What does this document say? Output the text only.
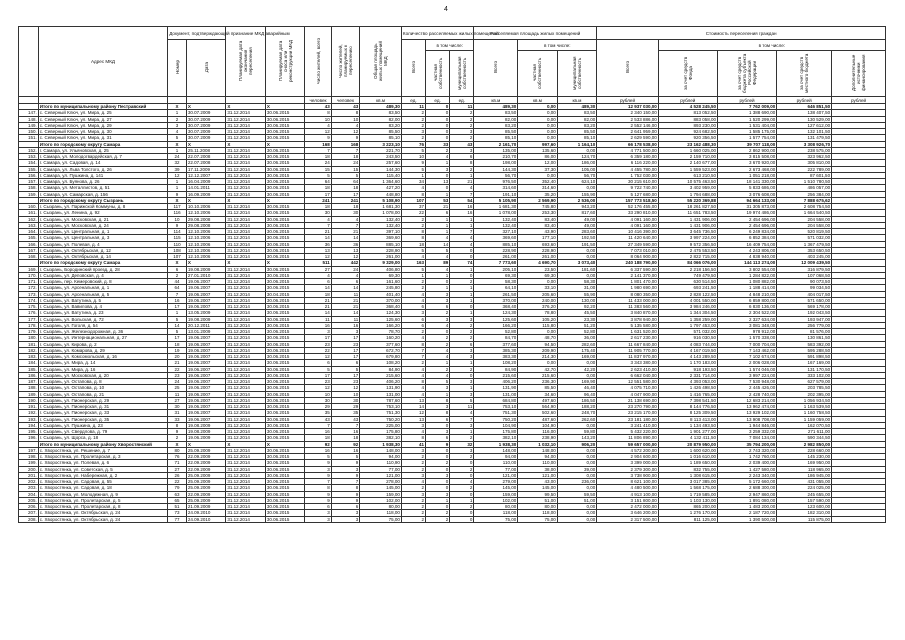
4
	Адрес МКД	Документ, подтверждающий признание МКД аварийным		Планируемая дата окончания переселения	Планируемая дата сноса или реконструкции МКД	Число жителей, всего	Число жителей, планируемых к переселению	Общая площадь жилых помещений МКД	Количество расселяемых жилых помещений			Расселяемая площадь жилых помещений			Стоимость переселения граждан				
		Номер	Дата						Всего	в том числе:		Всего	в том числе:		Всего	в том числе:			
										частная собственность	муниципальная собственность		частная собственность	муниципальная собственность		за счет средств Фонда	за счет средств бюджета субъекта Российской Федерации	за счет средств местного бюджета	Дополнительные источники финансирования
						человек	человек	кв.м	ед.	ед.	ед.	кв.м	кв.м	кв.м	рублей	рублей	рублей	рублей	рублей
	Итого по муниципальному району Пестравский	X	X	X	X	43	43	489,30	11	0	11	489,30	0,00	489,30	12 937 030,00	4 528 245,50	7 762 009,00	646 851,50	
147.	с. Северный Ключ, ул. Мира, д. 25	1	30.07.2009	31.12.2014	30.06.2015	8	8	83,50	2	0	2	83,50	0,00	83,50	2 340 150,00	813 052,50	1 388 690,00	138 407,50	
148.	с. Северный Ключ, ул. Мира, д. 27	2	30.07.2009	31.12.2014	30.06.2015	10	10	82,00	2	0	2	82,00	0,00	82,00	2 533 886,00	883 058,00	1 520 299,00	130 529,00	
149.	с. Северный Ключ, ул. Мира, д. 29	3	30.07.2009	31.12.2014	30.06.2015	4	4	83,20	2	0	2	83,20	0,00	83,20	2 552 146,00	893 230,00	1 531 404,00	127 612,00	
150.	с. Северный Ключ, ул. Мира, д. 30	4	30.07.2009	31.12.2014	30.06.2015	12	12	85,50	3	0	3	85,50	0,00	85,50	2 641 959,00	924 682,50	1 585 175,00	132 101,50	
151.	с. Северный Ключ, ул. Мира, д. 31	5	30.07.2009	31.12.2014	30.06.2015	9	9	85,10	2	0	2	85,10	0,00	85,10	2 629 590,00	920 356,50	1 577 754,00	131 479,50	
	Итого по городскому округу Самара	X	X	X	X	168	168	3 223,10	76	33	43	2 161,70	997,60	1 164,10	66 178 538,00	23 162 488,30	39 707 118,00	3 308 926,70	
152.	г. Самара, ул. Ульяновская, д. 25	1	25.11.2008	31.12.2014	30.06.2015	7	7	221,70	5	2	3	135,00	135,60	0,00	4 771 500,00	1 660 025,00	2 862 900,00	238 575,00	
153.	г. Самара, ул. Молодогвардейская, д. 7	24	22.07.2008	31.12.2014	30.06.2015	18	18	243,50	10	4	6	210,70	86,00	124,70	6 359 180,00	2 159 710,00	3 815 508,00	323 962,50	
154.	г. Самара, ул. Садовая, д. 14	32	22.07.2008	31.12.2014	30.06.2015	24	24	257,60	9	1	8	198,00	12,00	186,00	6 116 220,00	2 140 677,00	3 670 920,00	305 810,00	
155.	г. Самара, ул. Льва Толстого, д. 26	39	17.11.2009	31.12.2014	30.06.2015	15	15	144,30	5	3	2	144,30	37,30	105,00	4 455 780,00	1 559 523,00	2 673 468,00	222 789,00	
156.	г. Самара, ул. Пушкина, д. 141	12	12.12.2007	31.12.2014	30.06.2015	5	5	115,40	1	0	1	56,70	0,00	56,70	1 752 030,00	613 210,50	1 051 218,00	87 601,50	
157.	г. Самара, ул. Буянова, д. 26	1	16.04.2009	31.12.2014	30.06.2015	64	64	1 364,60	34	13	21	976,50	352,40	624,10	30 215 610,00	10 575 463,50	18 141 330,00	1 510 780,50	
158.	г. Самара, ул. Металлистов, д. 51	1	14.01.2011	31.12.2014	30.06.2015	18	18	427,20	4	0	4	314,60	314,60	0,00	9 722 740,00	3 402 959,00	5 833 686,00	486 057,00	
159.	г. Самара, ул. Самарская, д. 156	9	16.09.2009	31.12.2014	30.06.2015	17	17	448,80	8	1	7	191,10	35,20	155,90	5 127 680,00	1 794 688,00	3 076 608,00	256 384,00	
	Итого по городскому округу Сызрань	X	X	X	X	241	241	5 108,90	107	53	54	5 105,90	2 569,90	2 536,00	157 773 518,50	55 220 369,88	94 664 133,00	7 888 675,62	
160.	г. Сызрань, ул. Парижской Коммуны, д. 8	117	10.10.2006	31.12.2014	30.06.2015	18	18	1 681,30	37	21	16	1 681,30	745,80	943,20	52 176 455,00	18 261 827,50	31 305 873,00	2 608 754,50	
161.	г. Сызрань, ул. Ленина, д. 92	116	12.10.2006	31.12.2014	30.06.2015	30	30	1 078,00	22	6	16	1 078,00	253,30	817,60	33 290 810,00	11 651 783,50	19 974 486,00	1 664 540,50	
162.	г. Сызрань, ул. Московская, д. 21	10	29.08.2008	31.12.2014	30.06.2015	4	4	132,40	2	1	1	132,40	83,40	49,00	4 091 160,00	1 431 906,00	2 454 696,00	204 558,00	
163.	г. Сызрань, ул. Московская, д. 24	9	29.08.2008	31.12.2014	30.06.2015	7	7	132,40	2	1	1	132,40	83,40	49,00	4 091 160,00	1 431 906,00	2 454 696,00	204 558,00	
164.	г. Сызрань, ул. Центральная, д. 1	114	12.10.2006	31.12.2014	30.06.2015	21	21	397,10	8	1	7	327,10	43,90	283,60	10 416 390,00	3 645 736,50	6 249 834,00	520 819,50	
165.	г. Сызрань, ул. Центральная, д. 3	115	12.10.2006	31.12.2014	30.06.2015	14	14	369,60	8	4	4	369,60	177,10	192,50	11 420 640,00	3 997 224,00	6 852 384,00	571 032,00	
166.	г. Сызрань, ул. Полевая, д. 4	110	12.10.2006	31.12.2014	30.06.2015	36	36	885,10	18	14	4	885,10	693,60	191,50	27 349 590,00	9 572 356,50	16 409 754,00	1 367 479,50	
167.	г. Сызрань, ул. Октябрьская, д. 12	108	12.10.2006	31.12.2014	30.06.2015	13	13	228,90	5	5	0	228,90	228,90	0,00	7 073 010,00	2 475 553,50	4 243 806,00	353 650,50	
168.	г. Сызрань, ул. Октябрьская, д. 14	107	12.10.2006	31.12.2014	30.06.2015	12	12	261,00	4	4	0	261,00	261,00	0,00	8 064 900,00	2 822 715,00	4 838 940,00	403 245,00	
	Итого по городскому округу Самара	X	X	X	X	511	442	9 329,00	163	89	74	7 773,60	4 690,70	3 073,40	240 188 790,00	84 066 076,00	144 113 274,00	12 009 439,50	
169.	г. Сызрань, Бородинский проезд, д. 28	6	19.08.2009	31.12.2014	30.06.2015	27	24	406,80	5	4	1	205,10	23,50	181,60	6 337 590,00	2 218 156,50	3 802 554,00	316 879,50	
170.	г. Сызрань, ул. Деповская, д. 4	2	27.01.2010	31.12.2014	30.06.2015	4	4	69,30	1	1	0	69,30	69,30	0,00	2 141 370,00	749 479,50	1 284 822,00	107 068,50	
171.	г. Сызрань, пер. Кемеровский, д. 8	44	19.06.2007	31.12.2014	30.06.2015	6	6	161,60	2	0	2	58,30	0,00	58,30	1 801 470,00	630 514,50	1 080 882,00	90 073,50	
172.	г. Сызрань, ул. Арсенальная, д. 1	64	19.06.2007	31.12.2014	30.06.2015	14	14	245,80	2	1	1	64,10	33,10	31,00	1 980 690,00	693 241,50	1 188 414,00	99 034,50	
173.	г. Сызрань, ул. Арсенальная, д. 5	7	19.06.2007	31.12.2014	30.04.2015	18	11	401,40	4	3	1	261,50	205,60	55,90	8 080 350,00	2 828 122,50	4 848 210,00	404 017,50	
174.	г. Сызрань, ул. Ватутина, д. 5	16	19.06.2007	31.12.2014	30.06.2015	21	21	370,00	4	3	1	370,00	240,00	130,00	11 433 000,00	4 001 550,00	6 859 800,00	571 650,00	
175.	г. Сызрань, ул. Вавилова, д. 4	17	19.06.2007	31.12.2014	30.06.2015	21	21	368,40	6	6	0	368,40	376,20	92,20	11 383 560,00	3 984 246,00	6 830 136,00	569 178,00	
176.	г. Сызрань, ул. Ватутина, д. 23	1	13.05.2009	31.12.2014	30.06.2015	14	14	124,30	3	2	1	124,30	78,80	45,50	3 840 870,00	1 344 304,50	2 304 522,00	192 043,50	
177.	г. Сызрань, ул. Вольская, д. 72	5	19.08.2009	31.12.2014	30.06.2015	11	11	125,60	6	3	3	125,60	105,20	23,30	3 878 940,00	1 358 259,00	2 327 634,00	193 947,00	
178.	г. Сызрань, ул. Гоголя, д. 54	14	20.12.2011	31.12.2014	30.06.2015	16	16	166,20	6	4	2	166,20	115,80	51,20	5 135 580,00	1 797 453,00	3 081 348,00	256 779,00	
179.	г. Сызрань, ул. Железнодорожная, д. 36	5	13.01.2009	31.12.2014	30.06.2015	3	3	78,70	2	0	2	52,80	0,00	52,80	1 631 520,00	571 032,00	978 912,00	81 576,00	
180.	г. Сызрань, ул. Интернациональная, д. 27	17	19.06.2007	31.12.2014	30.06.2015	17	17	160,20	4	2	2	84,70	48,70	36,00	2 617 230,00	916 030,50	1 570 338,00	130 861,50	
181.	г. Сызрань, ул. Кирова, д. 2	18	19.06.2007	31.12.2014	30.06.2015	23	23	377,60	8	2	6	377,60	94,50	282,60	11 667 840,00	4 083 744,00	7 000 704,00	583 392,00	
182.	г. Сызрань, ул. Комарова, д. 29	19	19.06.2007	31.12.2014	30.06.2015	22	17	672,70	7	4	3	385,30	209,90	175,40	11 905 770,00	4 167 019,50	7 143 462,00	595 288,50	
183.	г. Сызрань, ул. Комсомольская, д. 16	20	19.06.2007	31.12.2014	30.06.2015	12	17	679,80	7	4	3	383,30	214,30	169,00	11 837 970,00	4 143 289,50	7 102 674,00	591 898,50	
184.	г. Сызрань, ул. Мира, д. 14	21	19.06.2007	31.12.2014	30.06.2015	6	6	108,20	2	1	1	108,20	0,00	0,00	3 343 380,00	1 170 183,00	2 006 028,00	167 169,00	
185.	г. Сызрань, ул. Мира, д. 16	22	19.06.2007	31.12.2014	30.06.2015	5	5	84,90	4	2	2	84,90	42,70	42,20	2 623 410,00	918 193,50	1 574 046,00	131 170,50	
186.	г. Сызрань, ул. Московская, д. 20	23	19.06.2007	31.12.2014	30.06.2015	17	17	215,60	4	4	0	215,60	215,60	0,00	6 662 040,00	2 331 714,00	3 997 224,00	333 102,00	
187.	г. Сызрань, ул. Остапова, д. 8	24	19.06.2007	31.12.2014	30.06.2015	23	23	406,20	8	5	3	406,20	236,30	169,90	12 551 580,00	4 393 053,00	7 530 948,00	627 579,00	
188.	г. Сызрань, ул. Остапова, д. 10	25	19.06.2007	31.12.2014	30.06.2015	12	12	131,90	4	3	1	131,90	85,50	46,40	4 075 710,00	1 426 498,50	2 445 426,00	203 785,50	
189.	г. Сызрань, ул. Остапова, д. 21	11	19.06.2007	31.12.2014	30.06.2015	10	10	131,00	4	1	3	131,00	34,60	96,40	4 047 900,00	1 416 765,00	2 428 740,00	202 395,00	
190.	г. Сызрань, ул. Пионерская, д. 29	27	19.06.2007	31.12.2014	30.06.2015	30	30	787,60	13	8	5	684,80	497,60	186,50	21 138 690,00	7 398 541,50	12 683 214,00	1 056 934,50	
191.	г. Сызрань, ул. Пионерская, д. 31	30	19.06.2007	31.12.2014	30.06.2015	29	29	753,10	14	3	11	753,10	564,90	188,20	23 270 790,00	8 144 776,50	13 962 474,00	1 163 539,50	
192.	г. Сызрань, ул. Пионерская, д. 33	31	19.06.2007	31.12.2014	30.06.2015	35	35	751,30	12	8	4	751,30	502,60	248,70	23 215 170,00	8 125 309,50	13 929 102,00	1 160 758,50	
193.	г. Сызрань, ул. Пионерская, д. 35	33	19.06.2007	31.12.2014	30.06.2015	43	43	750,20	13	6	7	750,20	487,60	262,60	23 181 180,00	8 113 413,00	13 908 708,00	1 159 059,00	
194.	г. Сызрань, ул. Пушкина, д. 23	8	19.08.2009	31.12.2014	30.06.2015	7	7	225,00	3	0	3	104,90	104,90	0,00	3 241 410,00	1 134 493,50	1 944 846,00	162 070,50	
195.	г. Сызрань, ул. Свердлова, д. 79	9	19.08.2009	31.12.2014	30.06.2015	16	16	175,80	4	3	1	175,80	116,00	59,80	5 432 220,00	1 901 277,00	3 259 332,00	271 611,00	
196.	г. Сызрань, ул. Щорса, д. 18	2	19.06.2009	31.12.2014	30.06.2015	18	18	382,10	8	6	2	382,10	238,90	143,20	11 806 890,00	4 132 411,50	7 084 134,00	590 344,50	
	Итого по муниципальному району Хворостянский	X	X	X	X	92	92	1 938,30	41	9	32	1 938,30	1 032,10	906,20	59 657 000,00	20 879 950,00	35 794 200,00	2 982 850,00	
197.	с. Хворостянка, ул. Решение, д. 7	80	25.09.2009	31.12.2014	30.06.2015	16	16	148,00	3	0	3	148,00	148,00	0,00	4 572 200,00	1 600 620,00	2 743 320,00	228 660,00	
198.	с. Хворостянка, ул. Пролетарская, д. 3	76	22.09.2009	31.12.2014	30.06.2015	5	5	94,00	2	0	2	94,00	94,00	0,00	2 904 600,00	1 016 610,00	1 742 760,00	145 230,00	
199.	с. Хворостянка, ул. Полевая, д. 6	71	22.09.2009	31.12.2014	30.06.2015	9	9	110,90	2	2	0	110,00	110,00	0,00	3 399 000,00	1 189 650,00	2 039 400,00	169 950,00	
200.	с. Хворостянка, ул. Советская, д. 5	27	22.09.2009	31.12.2014	30.06.2015	3	3	77,00	2	0	2	77,00	38,00	39,00	2 379 300,00	832 755,00	1 427 580,00	118 965,00	
201.	с. Хворостянка, ул. Набережная, д. 2	26	25.09.2009	31.12.2014	30.06.2015	9	9	121,00	3	3	0	121,00	121,00	0,00	3 738 900,00	1 308 615,00	2 243 340,00	186 945,00	
202.	с. Хворостянка, ул. Садовая, д. 55	22	25.09.2009	31.12.2014	30.06.2015	7	7	278,00	4	0	4	279,00	43,00	236,00	8 621 100,00	3 017 385,00	5 172 660,00	431 055,00	
203.	с. Хворостянка, ул. Садовая, д. 18	79	25.09.2009	31.12.2014	30.06.2015	8	8	145,00	2	0	2	145,00	145,00	0,00	4 480 500,00	1 568 175,00	2 688 300,00	224 025,00	
204.	с. Хворостянка, ул. Молодежная, д. 9	63	22.09.2009	31.12.2014	30.06.2015	9	9	159,00	3	3	0	159,00	99,50	59,50	4 913 100,00	1 719 585,00	2 947 860,00	245 655,00	
205.	с. Хворостянка, ул. Пролетарская, д. 5	65	25.09.2009	31.12.2014	30.06.2015	9	9	102,00	2	1	1	102,00	51,00	51,00	3 151 800,00	1 103 130,00	1 891 080,00	157 590,00	
206.	с. Хворостянка, ул. Пролетарская, д. 8	51	21.09.2009	31.12.2014	30.06.2015	6	6	80,00	2	0	2	80,00	80,00	0,00	2 472 000,00	865 200,00	1 483 200,00	123 600,00	
207.	с. Хворостянка, ул. Октябрьская, д. 24	73	24.09.2010	31.12.2014	30.06.2015	3	3	118,00	2	2	0	118,00	118,00	0,00	3 646 200,00	1 276 170,00	2 187 720,00	182 310,00	
208.	с. Хворостянка, ул. Октябрьская, д. 24	77	24.09.2010	31.12.2014	30.06.2015	3	3	75,00	2	2	0	75,00	75,00	0,00	2 317 500,00	811 125,00	1 390 500,00	115 875,00	
